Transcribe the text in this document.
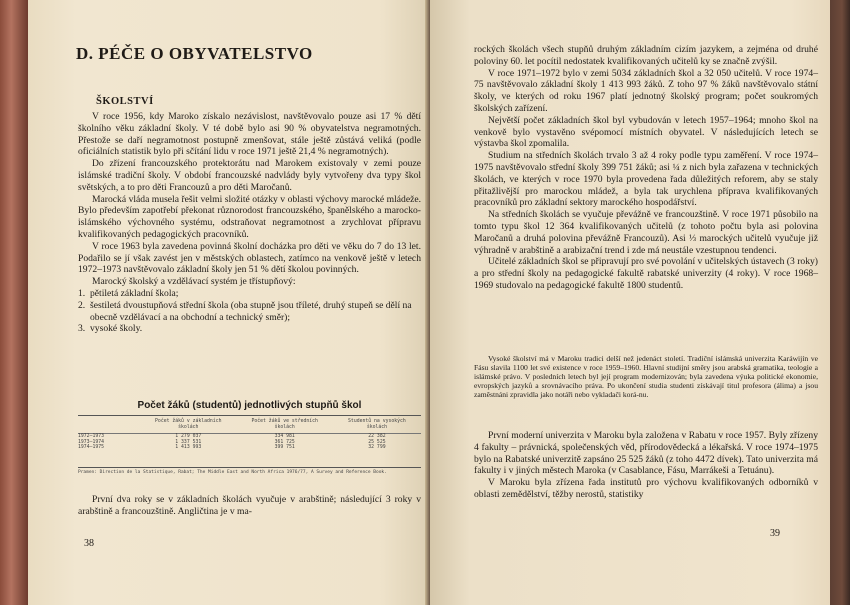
D. PÉČE O OBYVATELSTVO
ŠKOLSTVÍ

V roce 1956, kdy Maroko získalo nezávislost, navštěvovalo pouze asi 17 % dětí školního věku základní školy. V té době bylo asi 90 % obyvatelstva negramotných. Přestože se daří negramotnost postupně zmenšovat, stále ještě zůstává veliká (podle oficiálních statistik bylo při sčítání lidu v roce 1971 ještě 21,4 % negramotných).

Do zřízení francouzského protektorátu nad Marokem existovaly v zemi pouze islámské tradiční školy. V období francouzské nadvlády byly vytvořeny dva typy škol světských, a to pro děti Francouzů a pro děti Maročanů.

Marocká vláda musela řešit velmi složité otázky v oblasti výchovy marocké mládeže. Bylo především zapotřebí překonat různorodost francouzského, španělského a marocko-islámského výchovného systému, odstraňovat negramotnost a zrychlovat přípravu kvalifikovaných pedagogických pracovníků.

V roce 1963 byla zavedena povinná školní docházka pro děti ve věku do 7 do 13 let. Podařilo se jí však zavést jen v městských oblastech, zatímco na venkově ještě v letech 1972–1973 navštěvovalo základní školy jen 51 % dětí školou povinných.

Marocký školský a vzdělávací systém je třístupňový:

1. pětiletá základní škola;
2. šestiletá dvoustupňová střední škola (oba stupně jsou tříleté, druhý stupeň se dělí na obecně vzdělávací a na obchodní a technický směr);
3. vysoké školy.
Počet žáků (studentů) jednotlivých stupňů škol
	Počet žáků v základních školách	Počet žáků ve středních školách	Studentů na vysokých školách
1972–1973	1 279 037	334 981	22 382
1973–1974	1 337 531	361 725	25 525
1974–1975	1 413 993	399 751	32 799
Pramen: Direction de la Statistique, Rabat; The Middle East and North Africa 1976/77, A Survey and Reference Book.

První dva roky se v základních školách vyučuje v arabštině; následující 3 roky v arabštině a francouzštině. Angličtina je v ma-

38

rockých školách všech stupňů druhým základním cizím jazykem, a zejména od druhé poloviny 60. let pocítil nedostatek kvalifikovaných učitelů ky se značně zvýšil.

V roce 1971–1972 bylo v zemi 5034 základních škol a 32 050 učitelů. V roce 1974–75 navštěvovalo základní školy 1 413 993 žáků. Z toho 97 % žáků navštěvovalo státní školy, ve kterých od roku 1967 platí jednotný školský program; počet soukromých školských zařízení.

Největší počet základních škol byl vybudován v letech 1957–1964; mnoho škol na venkově bylo vystavěno svépomocí místních obyvatel. V následujících letech se výstavba škol zpomalila.

Studium na středních školách trvalo 3 až 4 roky podle typu zaměření. V roce 1974–1975 navštěvovalo střední školy 399 751 žáků; asi ¼ z nich byla zařazena v technických školách, ve kterých v roce 1970 byla provedena řada důležitých reforem, aby se staly přitažlivější pro marockou mládež, a byla tak urychlena příprava kvalifikovaných pracovníků pro základní sektory marockého hospodářství.

Na středních školách se vyučuje převážně ve francouzštině. V roce 1971 působilo na tomto typu škol 12 364 kvalifikovaných učitelů (z tohoto počtu byla asi polovina Maročanů a druhá polovina převážně Francouzů). Asi ⅓ marockých učitelů vyučuje již výhradně v arabštině a arabizační trend i zde má neustále vzestupnou tendenci.

Učitelé základních škol se připravují pro své povolání v učitelských ústavech (3 roky) a pro střední školy na pedagogické fakultě rabatské univerzity (4 roky). V roce 1968–1969 studovalo na pedagogické fakultě 1800 studentů.

Vysoké školství má v Maroku tradici delší než jedenáct století. Tradiční islámská univerzita Karáwijín ve Fásu slavila 1100 let své existence v roce 1959–1960. Hlavní studijní směry jsou arabská gramatika, teologie a islámské právo. V posledních letech byl její program modernizován; byla zavedena výuka politické ekonomie, evropských jazyků a srovnávacího práva. Po ukončení studia studenti získávají titul profesora (álima) a jsou zaměstnáni zpravidla jako notáři nebo vykladači korá-nu.

První moderní univerzita v Maroku byla založena v Rabatu v roce 1957. Byly zřízeny 4 fakulty – právnická, společenských věd, přírodovědecká a lékařská. V roce 1974–1975 bylo na Rabatské univerzitě zapsáno 25 525 žáků (z toho 4472 dívek). Tato univerzita má fakulty i v jiných městech Maroka (v Casablance, Fásu, Marrákeši a Tetuánu).

V Maroku byla zřízena řada institutů pro výchovu kvalifikovaných odborníků v oblasti zemědělství, těžby nerostů, statistiky

39
